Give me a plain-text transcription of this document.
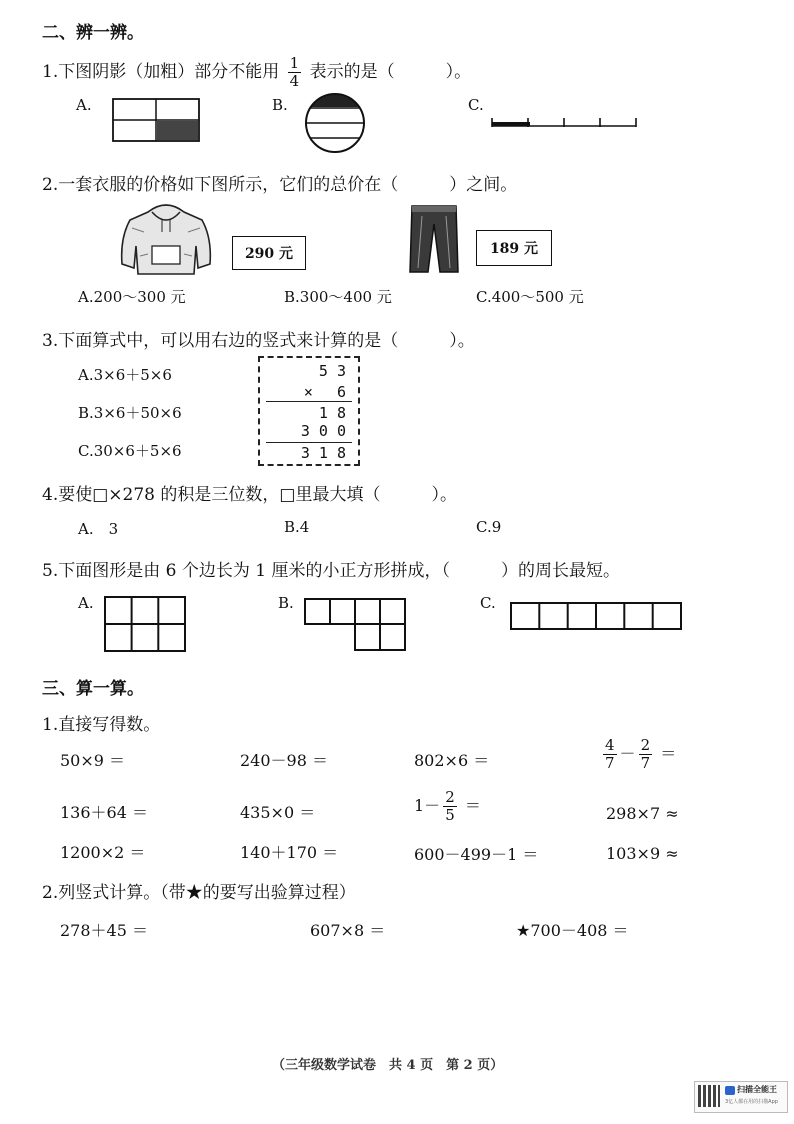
二、辨一辨。
1.下图阴影（加粗）部分不能用 $\frac{1}{4}$ 表示的是（　　　）。
A.	B.	C.
2.一套衣服的价格如下图所示，它们的总价在（　　　）之间。
290 元	189 元
A.200～300 元	B.300～400 元	C.400～500 元
3.下面算式中，可以用右边的竖式来计算的是（　　　）。
A.3×6＋5×6
B.3×6＋50×6
C.30×6＋5×6
5 3
×　 6
1 8
3 0 0
3 1 8
4.要使□×278 的积是三位数，□里最大填（　　　）。
A.　3	B.4	C.9
5.下面图形是由 6 个边长为 1 厘米的小正方形拼成，（　　　）的周长最短。
A.	B.	C.
三、算一算。
1.直接写得数。
50×9 ＝	240－98 ＝	802×6 ＝	$\frac{4}{7} - \frac{2}{7}$ ＝
136＋64 ＝	435×0 ＝	$1- \frac{2}{5}$ ＝	298×7 ≈
1200×2 ＝	140＋170 ＝	600－499－1 ＝	103×9 ≈
2.列竖式计算。（带★的要写出验算过程）
278＋45 ＝	607×8 ＝	★700－408 ＝
（三年级数学试卷　共 4 页　第 2 页）
扫描全能王
3亿人都在用的扫描App
